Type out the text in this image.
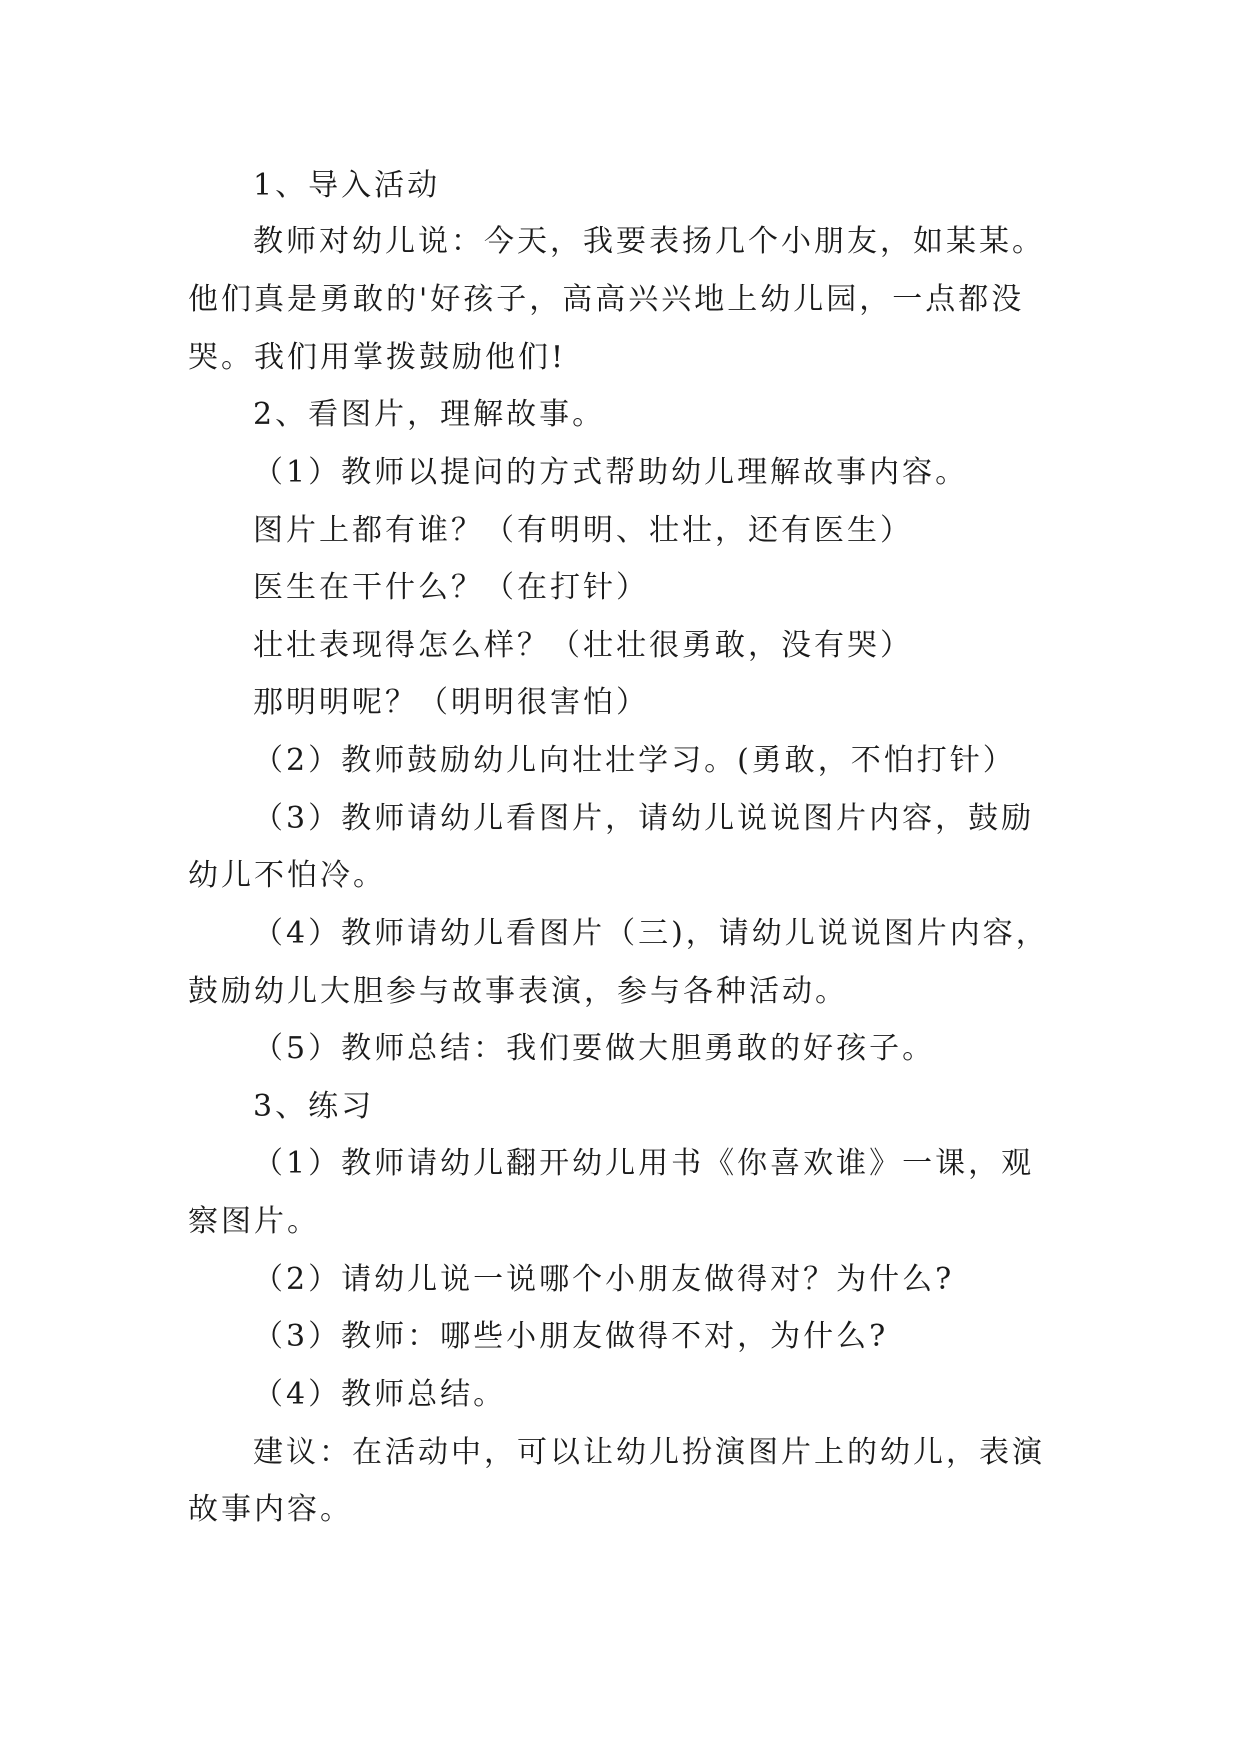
1、导入活动
教师对幼儿说：今天，我要表扬几个小朋友，如某某。
他们真是勇敢的'好孩子，高高兴兴地上幼儿园，一点都没
哭。我们用掌拨鼓励他们!
2、看图片，理解故事。
（1）教师以提问的方式帮助幼儿理解故事内容。
图片上都有谁？（有明明、壮壮，还有医生）
医生在干什么？（在打针）
壮壮表现得怎么样？（壮壮很勇敢，没有哭）
那明明呢？（明明很害怕）
（2）教师鼓励幼儿向壮壮学习。(勇敢，不怕打针）
（3）教师请幼儿看图片，请幼儿说说图片内容，鼓励
幼儿不怕冷。
（4）教师请幼儿看图片（三)，请幼儿说说图片内容，
鼓励幼儿大胆参与故事表演，参与各种活动。
（5）教师总结：我们要做大胆勇敢的好孩子。
3、练习
（1）教师请幼儿翻开幼儿用书《你喜欢谁》一课，观
察图片。
（2）请幼儿说一说哪个小朋友做得对？为什么?
（3）教师：哪些小朋友做得不对，为什么?
（4）教师总结。
建议：在活动中，可以让幼儿扮演图片上的幼儿，表演
故事内容。
